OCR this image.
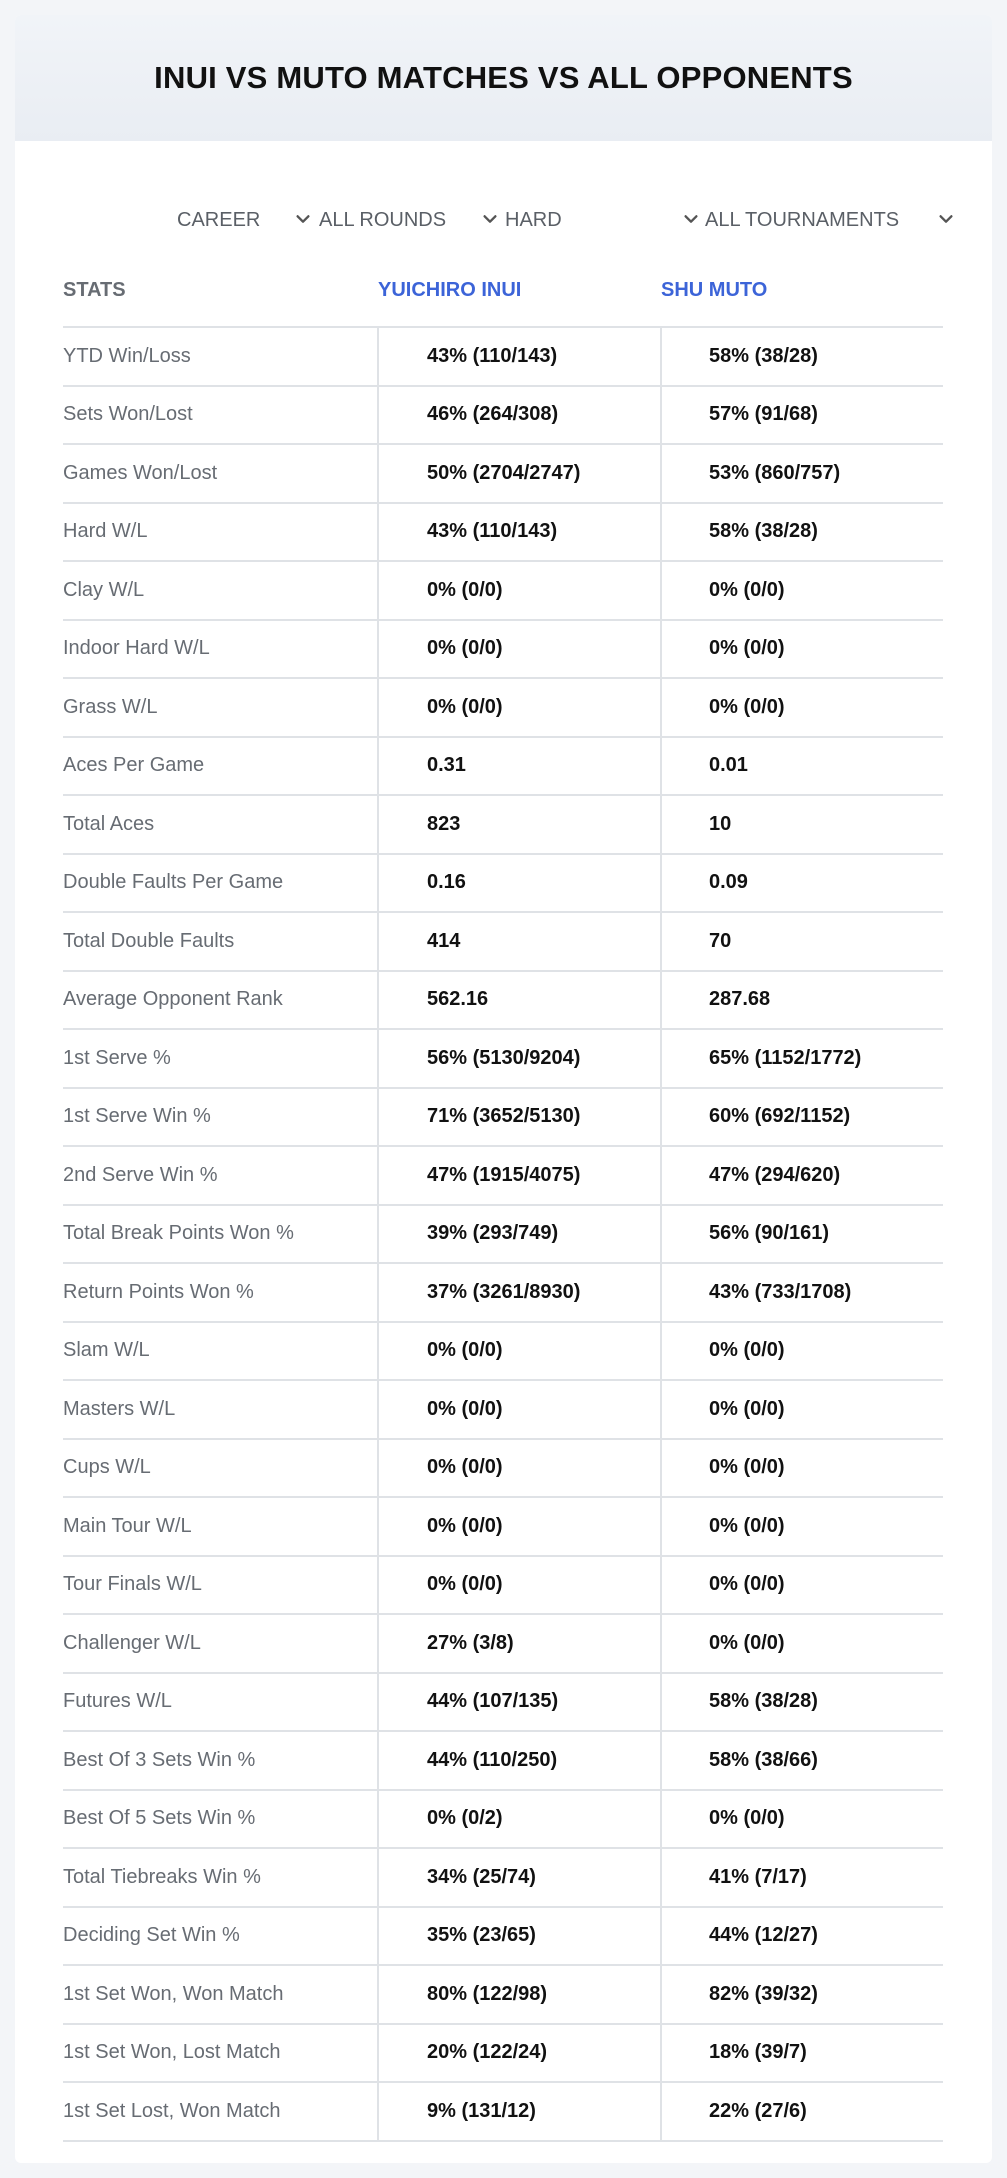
INUI VS MUTO MATCHES VS ALL OPPONENTS
CAREER	ALL ROUNDS	HARD	ALL TOURNAMENTS
STATS	YUICHIRO INUI	SHU MUTO
YTD Win/Loss	43% (110/143)	58% (38/28)
Sets Won/Lost	46% (264/308)	57% (91/68)
Games Won/Lost	50% (2704/2747)	53% (860/757)
Hard W/L	43% (110/143)	58% (38/28)
Clay W/L	0% (0/0)	0% (0/0)
Indoor Hard W/L	0% (0/0)	0% (0/0)
Grass W/L	0% (0/0)	0% (0/0)
Aces Per Game	0.31	0.01
Total Aces	823	10
Double Faults Per Game	0.16	0.09
Total Double Faults	414	70
Average Opponent Rank	562.16	287.68
1st Serve %	56% (5130/9204)	65% (1152/1772)
1st Serve Win %	71% (3652/5130)	60% (692/1152)
2nd Serve Win %	47% (1915/4075)	47% (294/620)
Total Break Points Won %	39% (293/749)	56% (90/161)
Return Points Won %	37% (3261/8930)	43% (733/1708)
Slam W/L	0% (0/0)	0% (0/0)
Masters W/L	0% (0/0)	0% (0/0)
Cups W/L	0% (0/0)	0% (0/0)
Main Tour W/L	0% (0/0)	0% (0/0)
Tour Finals W/L	0% (0/0)	0% (0/0)
Challenger W/L	27% (3/8)	0% (0/0)
Futures W/L	44% (107/135)	58% (38/28)
Best Of 3 Sets Win %	44% (110/250)	58% (38/66)
Best Of 5 Sets Win %	0% (0/2)	0% (0/0)
Total Tiebreaks Win %	34% (25/74)	41% (7/17)
Deciding Set Win %	35% (23/65)	44% (12/27)
1st Set Won, Won Match	80% (122/98)	82% (39/32)
1st Set Won, Lost Match	20% (122/24)	18% (39/7)
1st Set Lost, Won Match	9% (131/12)	22% (27/6)
